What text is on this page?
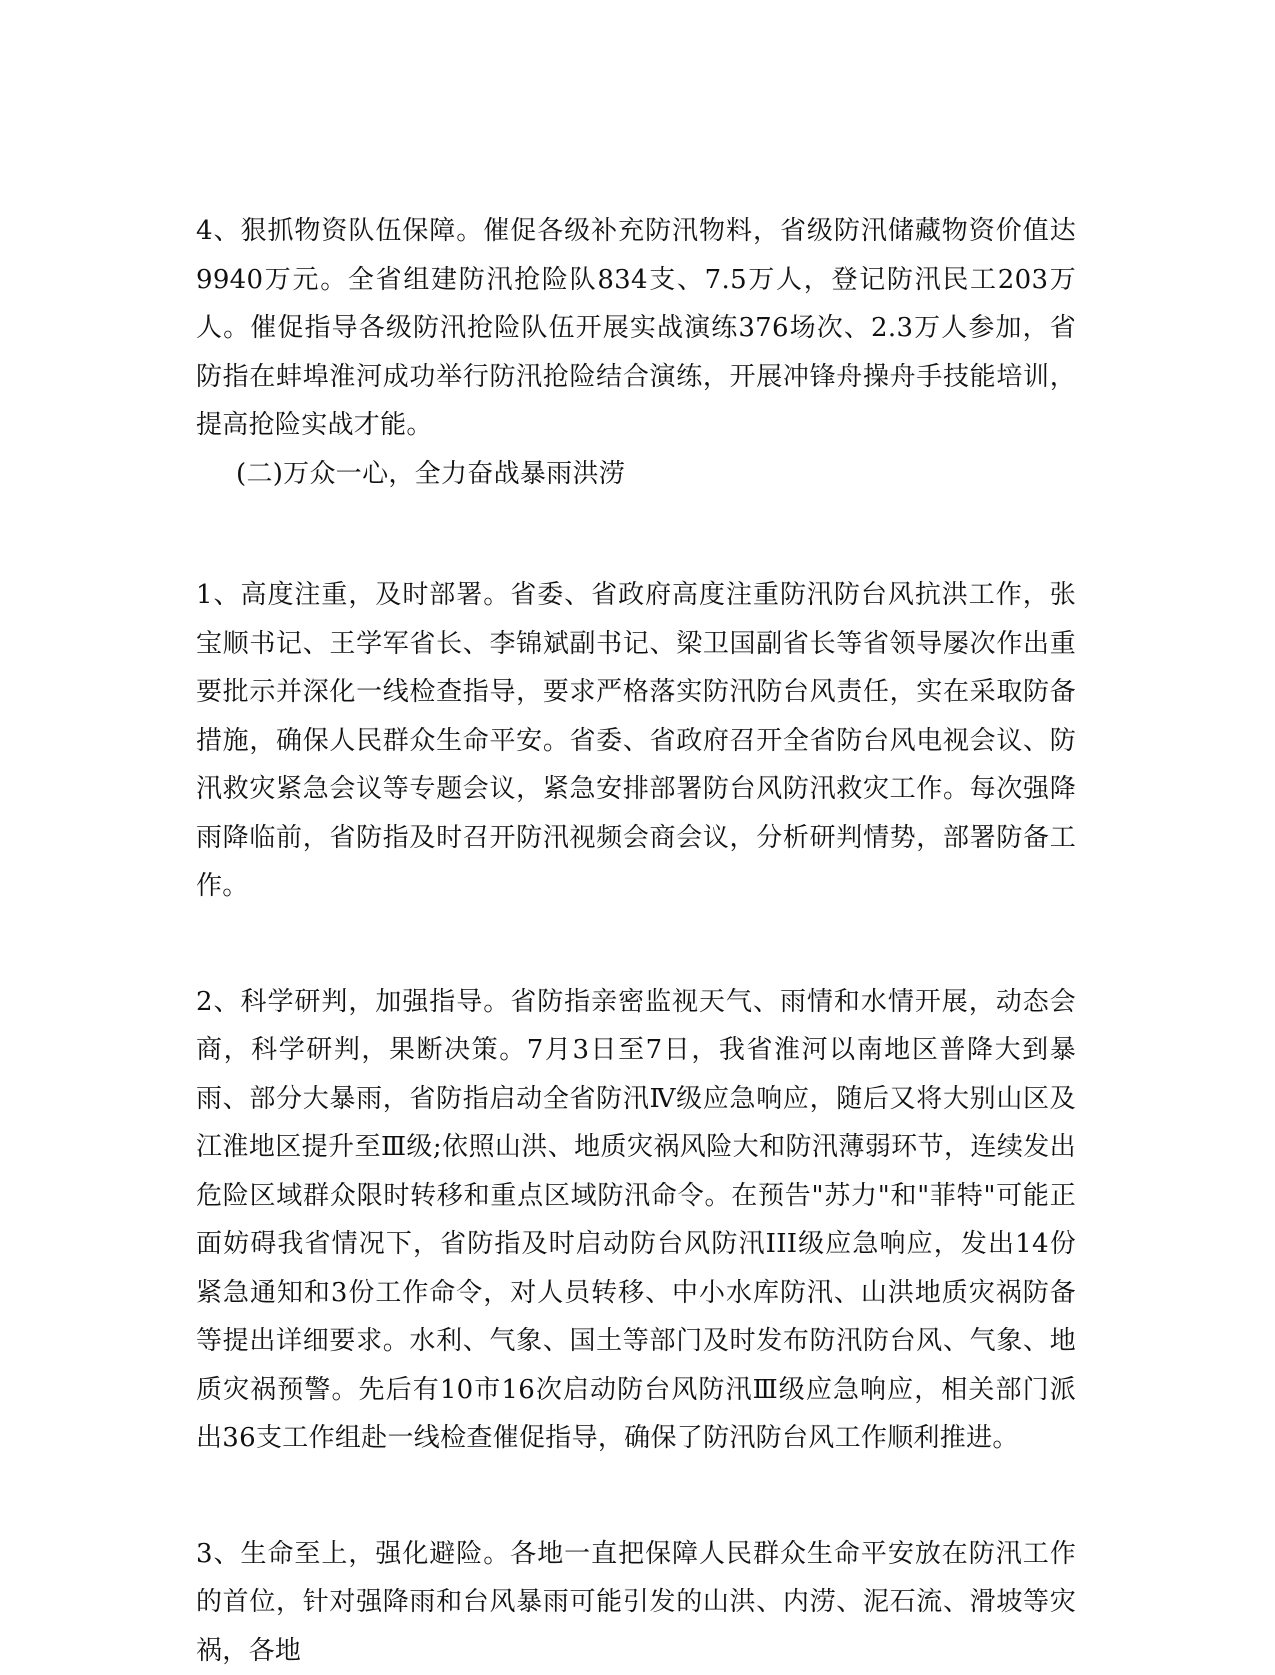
4、狠抓物资队伍保障。催促各级补充防汛物料，省级防汛储藏物资价值达9940万元。全省组建防汛抢险队834支、7.5万人，登记防汛民工203万人。催促指导各级防汛抢险队伍开展实战演练376场次、2.3万人参加，省防指在蚌埠淮河成功举行防汛抢险结合演练，开展冲锋舟操舟手技能培训，提高抢险实战才能。

(二)万众一心，全力奋战暴雨洪涝

1、高度注重，及时部署。省委、省政府高度注重防汛防台风抗洪工作，张宝顺书记、王学军省长、李锦斌副书记、梁卫国副省长等省领导屡次作出重要批示并深化一线检查指导，要求严格落实防汛防台风责任，实在采取防备措施，确保人民群众生命平安。省委、省政府召开全省防台风电视会议、防汛救灾紧急会议等专题会议，紧急安排部署防台风防汛救灾工作。每次强降雨降临前，省防指及时召开防汛视频会商会议，分析研判情势，部署防备工作。

2、科学研判，加强指导。省防指亲密监视天气、雨情和水情开展，动态会商，科学研判，果断决策。7月3日至7日，我省淮河以南地区普降大到暴雨、部分大暴雨，省防指启动全省防汛Ⅳ级应急响应，随后又将大别山区及江淮地区提升至Ⅲ级;依照山洪、地质灾祸风险大和防汛薄弱环节，连续发出危险区域群众限时转移和重点区域防汛命令。在预告"苏力"和"菲特"可能正面妨碍我省情况下，省防指及时启动防台风防汛III级应急响应，发出14份紧急通知和3份工作命令，对人员转移、中小水库防汛、山洪地质灾祸防备等提出详细要求。水利、气象、国土等部门及时发布防汛防台风、气象、地质灾祸预警。先后有10市16次启动防台风防汛Ⅲ级应急响应，相关部门派出36支工作组赴一线检查催促指导，确保了防汛防台风工作顺利推进。

3、生命至上，强化避险。各地一直把保障人民群众生命平安放在防汛工作的首位，针对强降雨和台风暴雨可能引发的山洪、内涝、泥石流、滑坡等灾祸，各地
